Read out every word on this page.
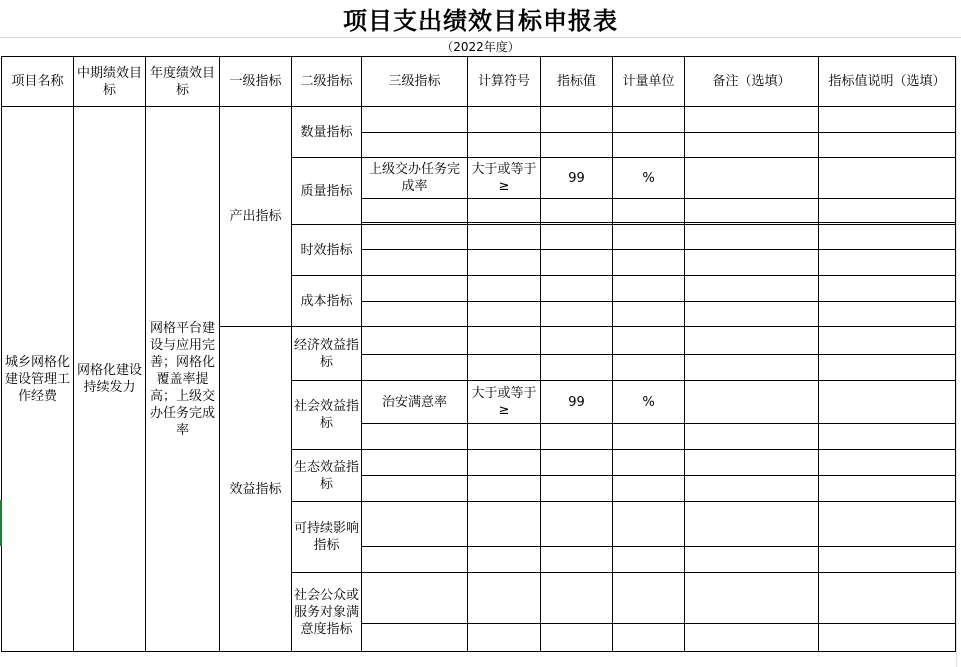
项目支出绩效目标申报表
（2022年度）
项目名称	中期绩效目标	年度绩效目标	一级指标	二级指标	三级指标	计算符号	指标值	计量单位	备注（选填）	指标值说明（选填）
城乡网格化建设管理工作经费	网格化建设持续发力	网格平台建设与应用完善；网格化覆盖率提高；上级交办任务完成率	产出指标	数量指标						

				质量指标	上级交办任务完成率	大于或等于≥	99	%		

				时效指标						

				成本指标						

			效益指标	经济效益指标						

				社会效益指标	治安满意率	大于或等于≥	99	%		

				生态效益指标						

				可持续影响指标						

				社会公众或服务对象满意度指标						
